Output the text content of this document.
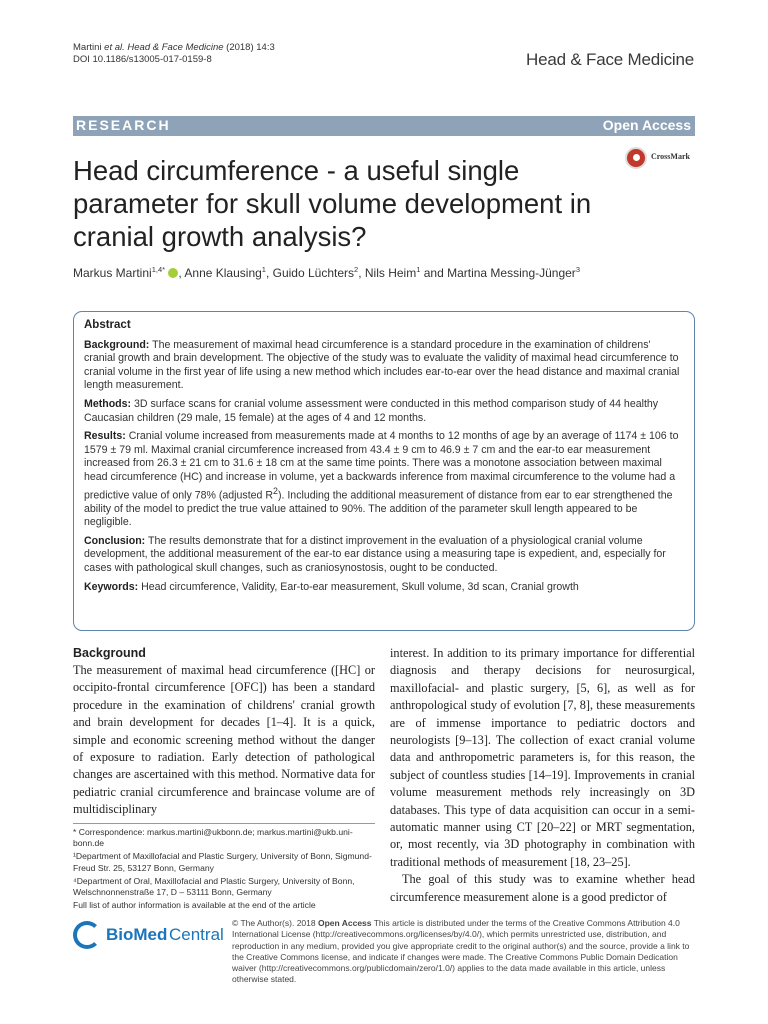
Martini et al. Head & Face Medicine (2018) 14:3
DOI 10.1186/s13005-017-0159-8	Head & Face Medicine
RESEARCH	Open Access
CrossMark
Head circumference - a useful single parameter for skull volume development in cranial growth analysis?
Markus Martini$^{1,4*}$ , Anne Klausing$^1$, Guido Lüchters$^2$, Nils Heim$^1$ and Martina Messing-Jünger$^3$
Abstract

Background: The measurement of maximal head circumference is a standard procedure in the examination of childrens' cranial growth and brain development. The objective of the study was to evaluate the validity of maximal head circumference to cranial volume in the first year of life using a new method which includes ear-to-ear over the head distance and maximal cranial length measurement.

Methods: 3D surface scans for cranial volume assessment were conducted in this method comparison study of 44 healthy Caucasian children (29 male, 15 female) at the ages of 4 and 12 months.

Results: Cranial volume increased from measurements made at 4 months to 12 months of age by an average of 1174 ± 106 to 1579 ± 79 ml. Maximal cranial circumference increased from 43.4 ± 9 cm to 46.9 ± 7 cm and the ear-to ear measurement increased from 26.3 ± 21 cm to 31.6 ± 18 cm at the same time points. There was a monotone association between maximal head circumference (HC) and increase in volume, yet a backwards inference from maximal circumference to the volume had a predictive value of only 78% (adjusted $R^2$). Including the additional measurement of distance from ear to ear strengthened the ability of the model to predict the true value attained to 90%. The addition of the parameter skull length appeared to be negligible.

Conclusion: The results demonstrate that for a distinct improvement in the evaluation of a physiological cranial volume development, the additional measurement of the ear-to ear distance using a measuring tape is expedient, and, especially for cases with pathological skull changes, such as craniosynostosis, ought to be conducted.

Keywords: Head circumference, Validity, Ear-to-ear measurement, Skull volume, 3d scan, Cranial growth

Background

The measurement of maximal head circumference ([HC] or occipito-frontal circumference [OFC]) has been a standard procedure in the examination of childrens' cranial growth and brain development for decades [1–4]. It is a quick, simple and economic screening method without the danger of exposure to radiation. Early detection of pathological changes are ascertained with this method. Normative data for pediatric cranial circumference and braincase volume are of multidisciplinary

interest. In addition to its primary importance for differential diagnosis and therapy decisions for neurosurgical, maxillofacial- and plastic surgery, [5, 6], as well as for anthropological study of evolution [7, 8], these measurements are of immense importance to pediatric doctors and neurologists [9–13]. The collection of exact cranial volume data and anthropometric parameters is, for this reason, the subject of countless studies [14–19]. Improvements in cranial volume measurement methods rely increasingly on 3D databases. This type of data acquisition can occur in a semi-automatic manner using CT [20–22] or MRT segmentation, or, most recently, via 3D photography in combination with traditional methods of measurement [18, 23–25].

The goal of this study was to examine whether head circumference measurement alone is a good predictor of

* Correspondence: markus.martini@ukbonn.de; markus.martini@ukb.uni-bonn.de

¹Department of Maxillofacial and Plastic Surgery, University of Bonn, Sigmund-Freud Str. 25, 53127 Bonn, Germany

⁴Department of Oral, Maxillofacial and Plastic Surgery, University of Bonn, Welschnonnenstraße 17, D – 53111 Bonn, Germany

Full list of author information is available at the end of the article

BioMed Central
© The Author(s). 2018 Open Access This article is distributed under the terms of the Creative Commons Attribution 4.0 International License (http://creativecommons.org/licenses/by/4.0/), which permits unrestricted use, distribution, and reproduction in any medium, provided you give appropriate credit to the original author(s) and the source, provide a link to the Creative Commons license, and indicate if changes were made. The Creative Commons Public Domain Dedication waiver (http://creativecommons.org/publicdomain/zero/1.0/) applies to the data made available in this article, unless otherwise stated.
